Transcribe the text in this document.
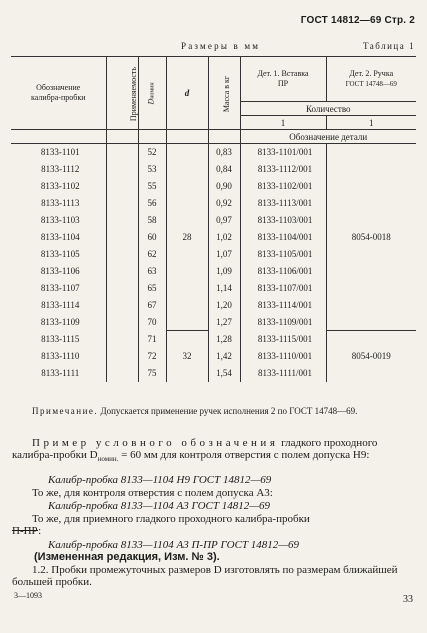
ГОСТ 14812—69 Стр. 2
Размеры в мм	Таблица 1
Обозначение калибра-пробки	Применяемость	Dномин	d	Масса в кг	Дет. 1. Вставка ПР	Дет. 2. Ручка
ГОСТ 14748—69

					Количество	
					1	1
					Обозначение детали	
8133-1101		52	28	0,83	8133-1101/001	8054-0018
8133-1112		53		0,84	8133-1112/001	
8133-1102		55		0,90	8133-1102/001	
8133-1113		56		0,92	8133-1113/001	
8133-1103		58		0,97	8133-1103/001	
8133-1104		60		1,02	8133-1104/001	
8133-1105		62		1,07	8133-1105/001	
8133-1106		63		1,09	8133-1106/001	
8133-1107		65		1,14	8133-1107/001	
8133-1114		67		1,20	8133-1114/001	
8133-1109		70		1,27	8133-1109/001	
8133-1115		71	32	1,28	8133-1115/001	8054-0019
8133-1110		72		1,42	8133-1110/001	
8133-1111		75		1,54	8133-1111/001	
Примечание. Допускается применение ручек исполнения 2 по ГОСТ 14748—69.
Пример условного обозначения гладкого проходного калибра-пробки $D_{номин.} = 60$ мм для контроля отверстия с полем допуска H9:
Калибр-пробка 8133—1104 H9 ГОСТ 14812—69
То же, для контроля отверстия с полем допуска A3:
Калибр-пробка 8133—1104 A3 ГОСТ 14812—69
То же, для приемного гладкого проходного калибра-пробки
П-ПР:
Калибр-пробка 8133—1104 A3 П-ПР ГОСТ 14812—69
(Измененная редакция, Изм. № 3).
1.2. Пробки промежуточных размеров D изготовлять по размерам ближайшей большей пробки.
3—1093	33
